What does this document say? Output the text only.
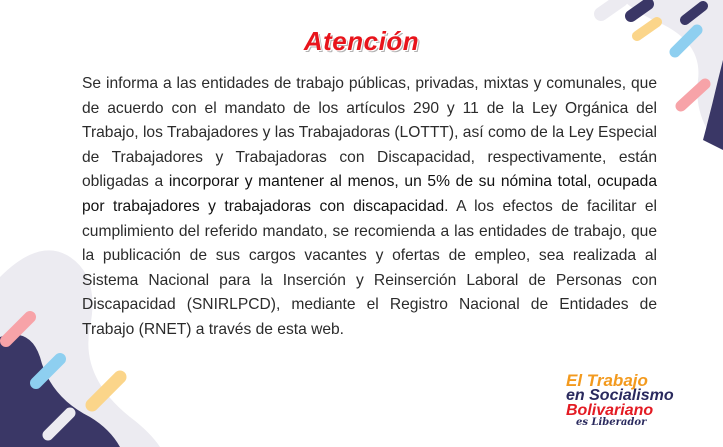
Atención

Se informa a las entidades de trabajo públicas, privadas, mixtas y comunales, que de acuerdo con el mandato de los artículos 290 y 11 de la Ley Orgánica del Trabajo, los Trabajadores y las Trabajadoras (LOTTT), así como de la Ley Especial de Trabajadores y Trabajadoras con Discapacidad, respectivamente, están obligadas a incorporar y mantener al menos, un 5% de su nómina total, ocupada por trabajadores y trabajadoras con discapacidad. A los efectos de facilitar el cumplimiento del referido mandato, se recomienda a las entidades de trabajo, que la publicación de sus cargos vacantes y ofertas de empleo, sea realizada al Sistema Nacional para la Inserción y Reinserción Laboral de Personas con Discapacidad (SNIRLPCD), mediante el Registro Nacional de Entidades de Trabajo (RNET) a través de esta web.

El Trabajo
en Socialismo
Bolivariano
es Liberador
